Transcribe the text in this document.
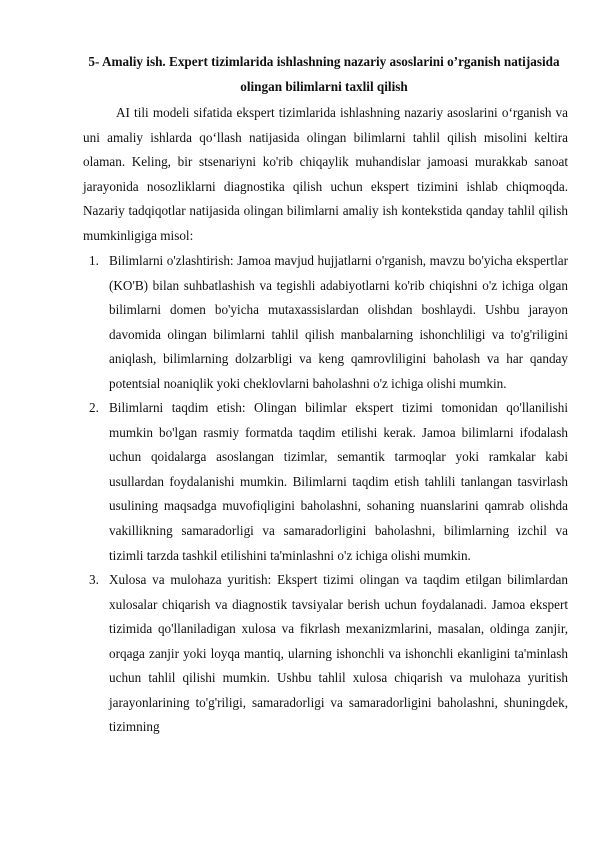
5- Amaliy ish. Expert tizimlarida ishlashning nazariy asoslarini o’rganish natijasida olingan bilimlarni taxlil qilish

AI tili modeli sifatida ekspert tizimlarida ishlashning nazariy asoslarini o‘rganish va uni amaliy ishlarda qo‘llash natijasida olingan bilimlarni tahlil qilish misolini keltira olaman. Keling, bir stsenariyni ko'rib chiqaylik muhandislar jamoasi murakkab sanoat jarayonida nosozliklarni diagnostika qilish uchun ekspert tizimini ishlab chiqmoqda. Nazariy tadqiqotlar natijasida olingan bilimlarni amaliy ish kontekstida qanday tahlil qilish mumkinligiga misol:

1. Bilimlarni o'zlashtirish: Jamoa mavjud hujjatlarni o'rganish, mavzu bo'yicha ekspertlar (KO'B) bilan suhbatlashish va tegishli adabiyotlarni ko'rib chiqishni o'z ichiga olgan bilimlarni domen bo'yicha mutaxassislardan olishdan boshlaydi. Ushbu jarayon davomida olingan bilimlarni tahlil qilish manbalarning ishonchliligi va to'g'riligini aniqlash, bilimlarning dolzarbligi va keng qamrovliligini baholash va har qanday potentsial noaniqlik yoki cheklovlarni baholashni o'z ichiga olishi mumkin.
2. Bilimlarni taqdim etish: Olingan bilimlar ekspert tizimi tomonidan qo'llanilishi mumkin bo'lgan rasmiy formatda taqdim etilishi kerak. Jamoa bilimlarni ifodalash uchun qoidalarga asoslangan tizimlar, semantik tarmoqlar yoki ramkalar kabi usullardan foydalanishi mumkin. Bilimlarni taqdim etish tahlili tanlangan tasvirlash usulining maqsadga muvofiqligini baholashni, sohaning nuanslarini qamrab olishda vakillikning samaradorligi va samaradorligini baholashni, bilimlarning izchil va tizimli tarzda tashkil etilishini ta'minlashni o'z ichiga olishi mumkin.
3. Xulosa va mulohaza yuritish: Ekspert tizimi olingan va taqdim etilgan bilimlardan xulosalar chiqarish va diagnostik tavsiyalar berish uchun foydalanadi. Jamoa ekspert tizimida qo'llaniladigan xulosa va fikrlash mexanizmlarini, masalan, oldinga zanjir, orqaga zanjir yoki loyqa mantiq, ularning ishonchli va ishonchli ekanligini ta'minlash uchun tahlil qilishi mumkin. Ushbu tahlil xulosa chiqarish va mulohaza yuritish jarayonlarining to'g'riligi, samaradorligi va samaradorligini baholashni, shuningdek, tizimning
